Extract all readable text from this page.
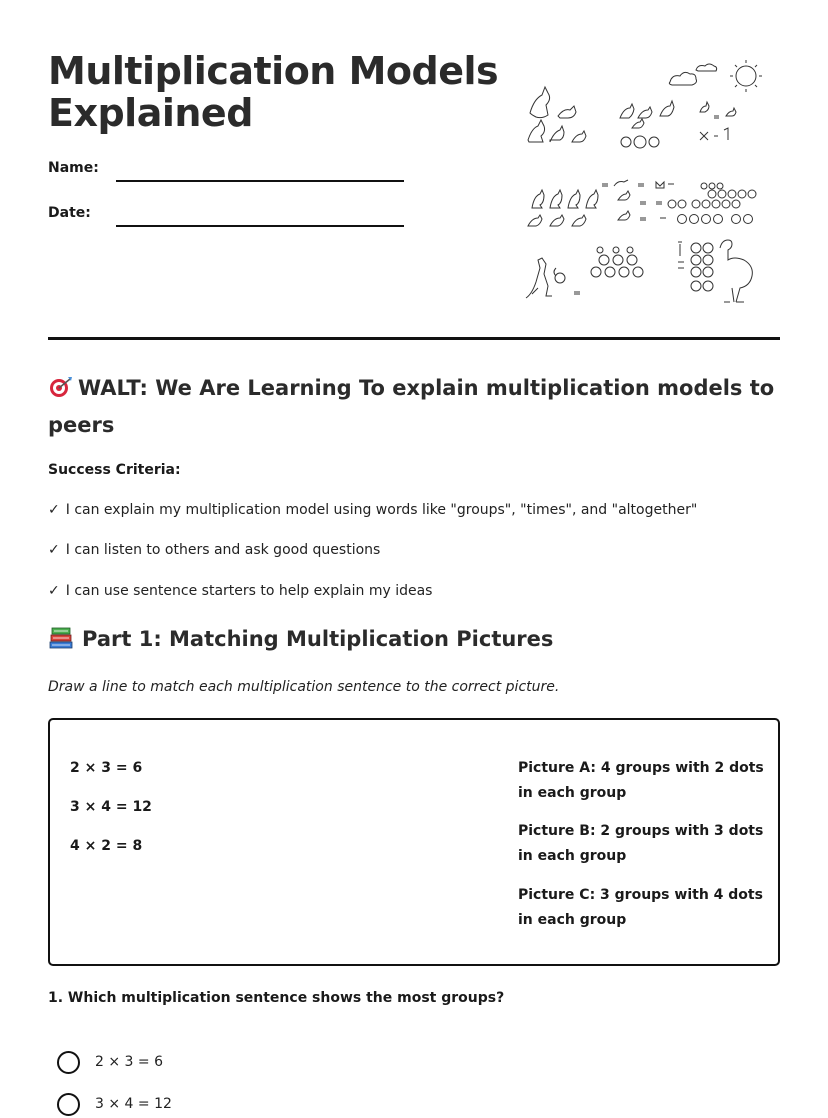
Multiplication Models Explained
Name:
Date:
WALT: We Are Learning To explain multiplication models to peers
Success Criteria:
✓ I can explain my multiplication model using words like "groups", "times", and "altogether"
✓ I can listen to others and ask good questions
✓ I can use sentence starters to help explain my ideas
Part 1: Matching Multiplication Pictures
Draw a line to match each multiplication sentence to the correct picture.
2 × 3 = 6
3 × 4 = 12
4 × 2 = 8
Picture A: 4 groups with 2 dots in each group
Picture B: 2 groups with 3 dots in each group
Picture C: 3 groups with 4 dots in each group
1. Which multiplication sentence shows the most groups?
2 × 3 = 6
3 × 4 = 12
